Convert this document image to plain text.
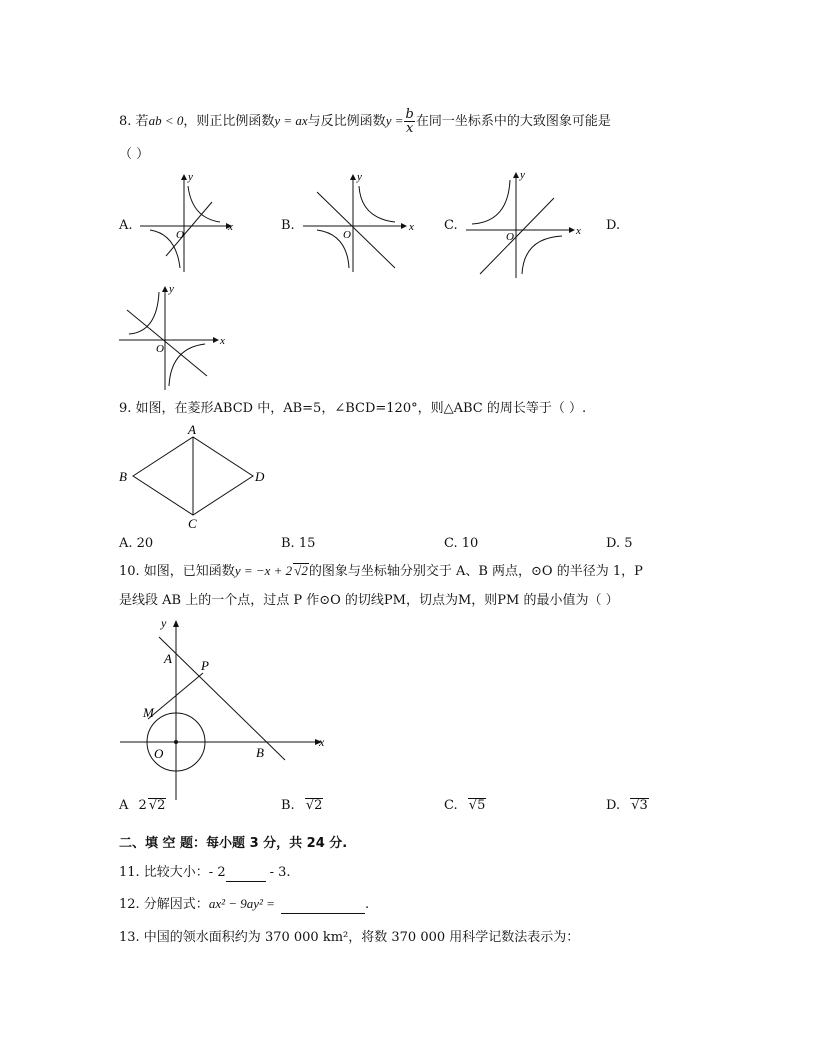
8. 若ab < 0，则正比例函数y = ax与反比例函数$y = \frac{b}{x}$ 在同一坐标系中的大致图象可能是
（ ）
A.	B.	C.	D.
x
y
O
x
y
O	x
y
O
x
y
O
9. 如图，在菱形ABCD 中，AB=5，∠BCD=120°，则△ABC 的周长等于（ ）.
A
B	D
C
A. 20	B. 15	C. 10	D. 5
10. 如图，已知函数y = −x + 2 √2的图象与坐标轴分别交于 A、B 两点，⊙O 的半径为 1，P
是线段 AB 上的一个点，过点 P 作⊙O 的切线PM，切点为M，则PM 的最小值为（ ）
y
A P
M
O	B
x
A 2 √2	B. √2	C. √5	D. √3
二、填 空 题：每小题 3 分，共 24 分.
11. 比较大小：- 2	- 3.
12. 分解因式：ax² − 9ay² =	.
13. 中国的领水面积约为 370 000 km²，将数 370 000 用科学记数法表示为：
